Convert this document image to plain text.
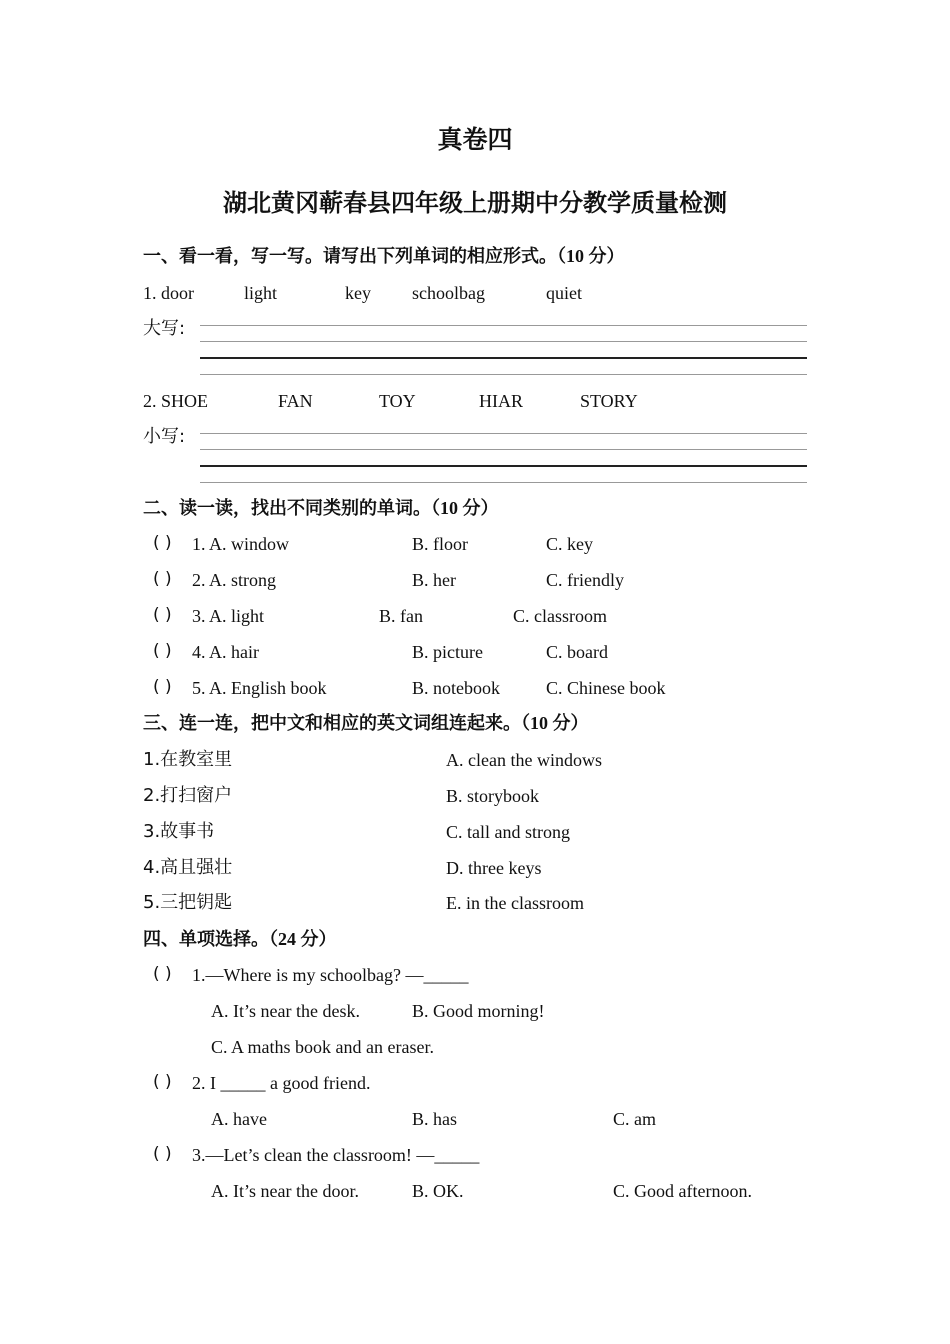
真卷四
湖北黄冈蕲春县四年级上册期中分教学质量检测
一、看一看，写一写。请写出下列单词的相应形式。（10 分）
1. door	light	key schoolbag	quiet
大写:
2. SHOE	FAN	TOY	HIAR	STORY
小写:
二、读一读，找出不同类别的单词。（10 分）
( ) 1. A. window	B. floor	C. key
( ) 2. A. strong	B. her	C. friendly
( ) 3. A. light	B. fan	C. classroom
( ) 4. A. hair	B. picture	C. board
( ) 5. A. English book	B. notebook	C. Chinese book
三、连一连，把中文和相应的英文词组连起来。（10 分）
1.在教室里	A. clean the windows
2.打扫窗户	B. storybook
3.故事书	C. tall and strong
4.高且强壮	D. three keys
5.三把钥匙	E. in the classroom
四、单项选择。（24 分）
( ) 1.—Where is my schoolbag? —_____
A. It’s near the desk.	B. Good morning!
C. A maths book and an eraser.
( ) 2. I _____ a good friend.
A. have	B. has	C. am
( ) 3.—Let’s clean the classroom! —_____
A. It’s near the door.	B. OK.	C. Good afternoon.
